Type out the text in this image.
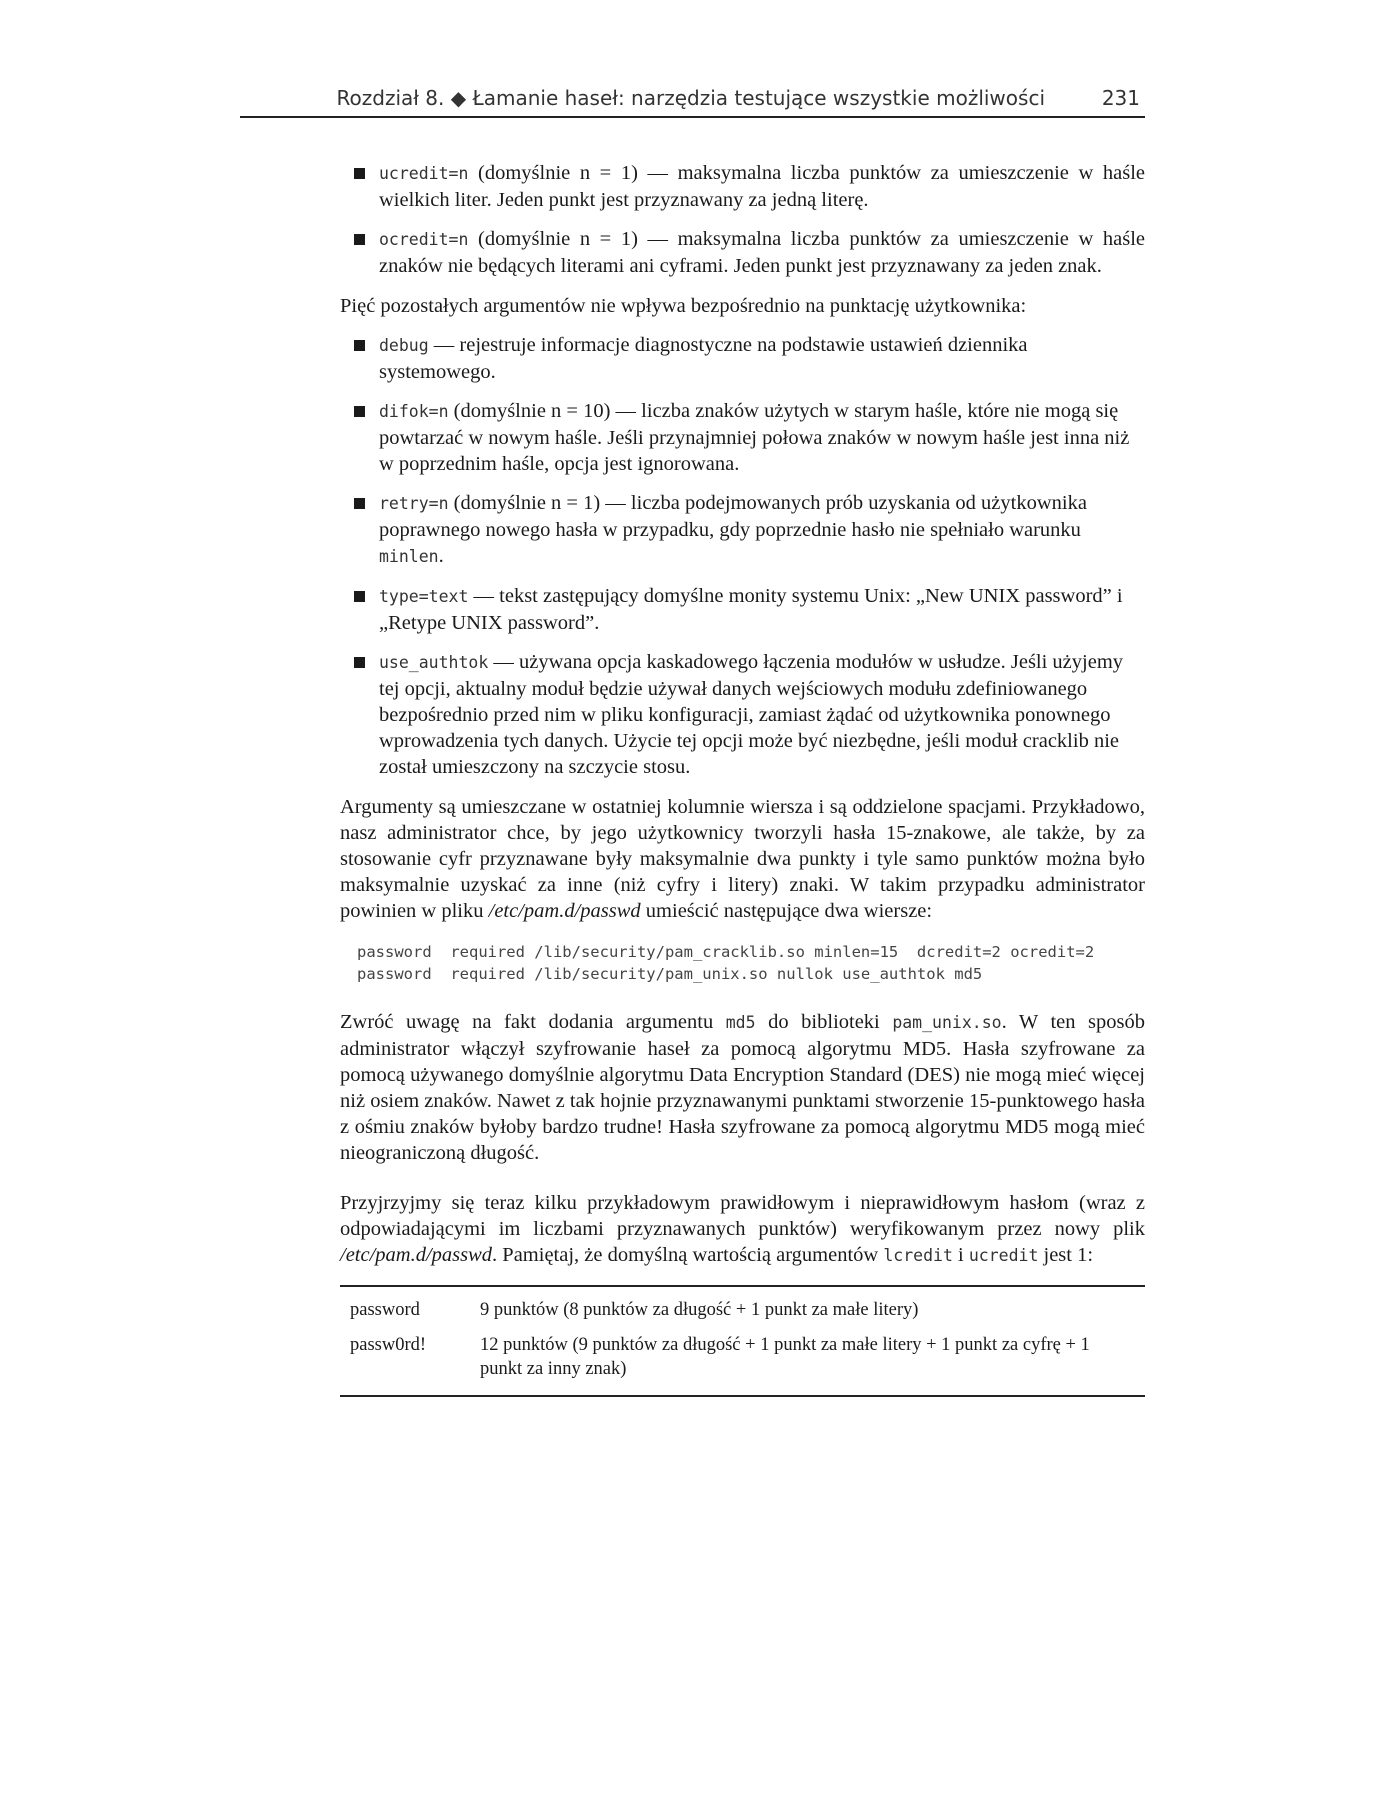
Rozdział 8. ◆ Łamanie haseł: narzędzia testujące wszystkie możliwości	231
ucredit=n (domyślnie n = 1) — maksymalna liczba punktów za umieszczenie w haśle wielkich liter. Jeden punkt jest przyznawany za jedną literę.
ocredit=n (domyślnie n = 1) — maksymalna liczba punktów za umieszczenie w haśle znaków nie będących literami ani cyframi. Jeden punkt jest przyznawany za jeden znak.

Pięć pozostałych argumentów nie wpływa bezpośrednio na punktację użytkownika:

debug — rejestruje informacje diagnostyczne na podstawie ustawień dziennika systemowego.
difok=n (domyślnie n = 10) — liczba znaków użytych w starym haśle, które nie mogą się powtarzać w nowym haśle. Jeśli przynajmniej połowa znaków w nowym haśle jest inna niż w poprzednim haśle, opcja jest ignorowana.
retry=n (domyślnie n = 1) — liczba podejmowanych prób uzyskania od użytkownika poprawnego nowego hasła w przypadku, gdy poprzednie hasło nie spełniało warunku minlen.
type=text — tekst zastępujący domyślne monity systemu Unix: „New UNIX password” i „Retype UNIX password”.
use_authtok — używana opcja kaskadowego łączenia modułów w usłudze. Jeśli użyjemy tej opcji, aktualny moduł będzie używał danych wejściowych modułu zdefiniowanego bezpośrednio przed nim w pliku konfiguracji, zamiast żądać od użytkownika ponownego wprowadzenia tych danych. Użycie tej opcji może być niezbędne, jeśli moduł cracklib nie został umieszczony na szczycie stosu.

Argumenty są umieszczane w ostatniej kolumnie wiersza i są oddzielone spacjami. Przykładowo, nasz administrator chce, by jego użytkownicy tworzyli hasła 15-znakowe, ale także, by za stosowanie cyfr przyznawane były maksymalnie dwa punkty i tyle samo punktów można było maksymalnie uzyskać za inne (niż cyfry i litery) znaki. W takim przypadku administrator powinien w pliku /etc/pam.d/passwd umieścić następujące dwa wiersze:

password  required /lib/security/pam_cracklib.so minlen=15  dcredit=2 ocredit=2
password  required /lib/security/pam_unix.so nullok use_authtok md5

Zwróć uwagę na fakt dodania argumentu md5 do biblioteki pam_unix.so. W ten sposób administrator włączył szyfrowanie haseł za pomocą algorytmu MD5. Hasła szyfrowane za pomocą używanego domyślnie algorytmu Data Encryption Standard (DES) nie mogą mieć więcej niż osiem znaków. Nawet z tak hojnie przyznawanymi punktami stworzenie 15-punktowego hasła z ośmiu znaków byłoby bardzo trudne! Hasła szyfrowane za pomocą algorytmu MD5 mogą mieć nieograniczoną długość.

Przyjrzyjmy się teraz kilku przykładowym prawidłowym i nieprawidłowym hasłom (wraz z odpowiadającymi im liczbami przyznawanych punktów) weryfikowanym przez nowy plik /etc/pam.d/passwd. Pamiętaj, że domyślną wartością argumentów lcredit i ucredit jest 1:

password	9 punktów (8 punktów za długość + 1 punkt za małe litery)
passw0rd!	12 punktów (9 punktów za długość + 1 punkt za małe litery + 1 punkt za cyfrę + 1 punkt za inny znak)
